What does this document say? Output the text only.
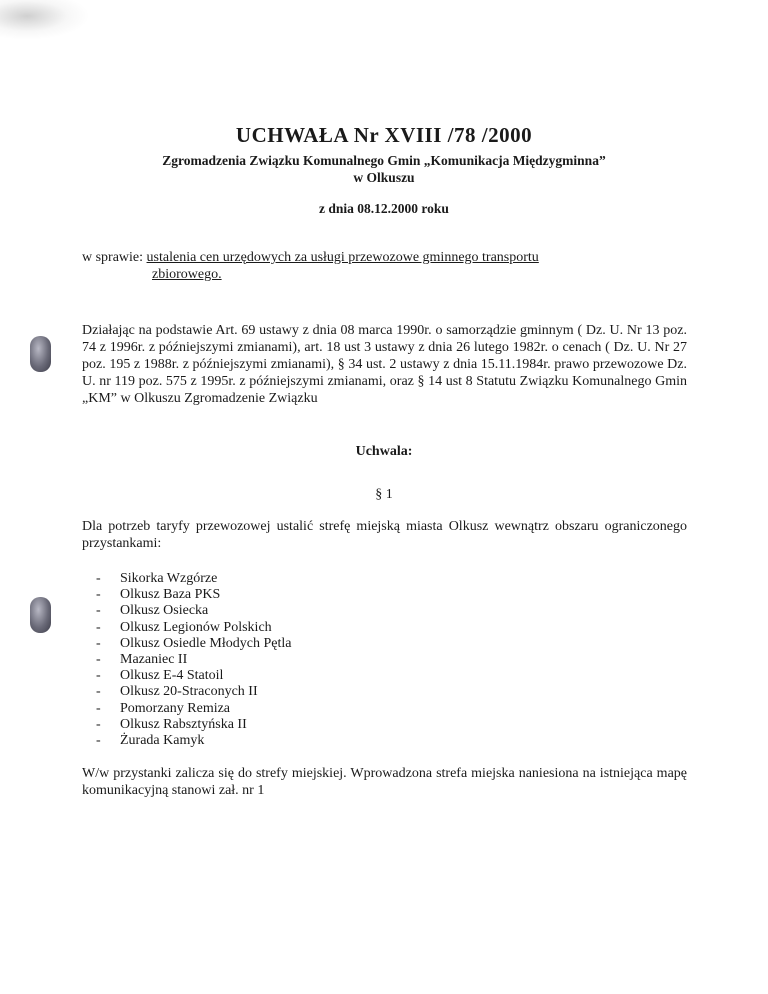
UCHWAŁA Nr XVIII /78 /2000
Zgromadzenia Związku Komunalnego Gmin „Komunikacja Międzygminna”
w Olkuszu
z dnia 08.12.2000 roku
w sprawie: ustalenia cen urzędowych za usługi przewozowe gminnego transportu
zbiorowego.

Działając na podstawie Art. 69 ustawy z dnia 08 marca 1990r. o samorządzie gminnym ( Dz. U. Nr 13 poz. 74 z 1996r. z późniejszymi zmianami), art. 18 ust 3 ustawy z dnia 26 lutego 1982r. o cenach ( Dz. U. Nr 27 poz. 195 z 1988r. z późniejszymi zmianami), § 34 ust. 2 ustawy z dnia 15.11.1984r. prawo przewozowe Dz. U. nr 119 poz. 575 z 1995r. z późniejszymi zmianami, oraz § 14 ust 8 Statutu Związku Komunalnego Gmin „KM” w Olkuszu Zgromadzenie Związku

Uchwala:
§ 1

Dla potrzeb taryfy przewozowej ustalić strefę miejską miasta Olkusz wewnątrz obszaru ograniczonego przystankami:

- Sikorka Wzgórze
- Olkusz Baza PKS
- Olkusz Osiecka
- Olkusz Legionów Polskich
- Olkusz Osiedle Młodych Pętla
- Mazaniec II
- Olkusz E-4 Statoil
- Olkusz 20-Straconych II
- Pomorzany Remiza
- Olkusz Rabsztyńska II
- Żurada Kamyk

W/w przystanki zalicza się do strefy miejskiej. Wprowadzona strefa miejska naniesiona na istniejąca mapę komunikacyjną stanowi zał. nr 1
